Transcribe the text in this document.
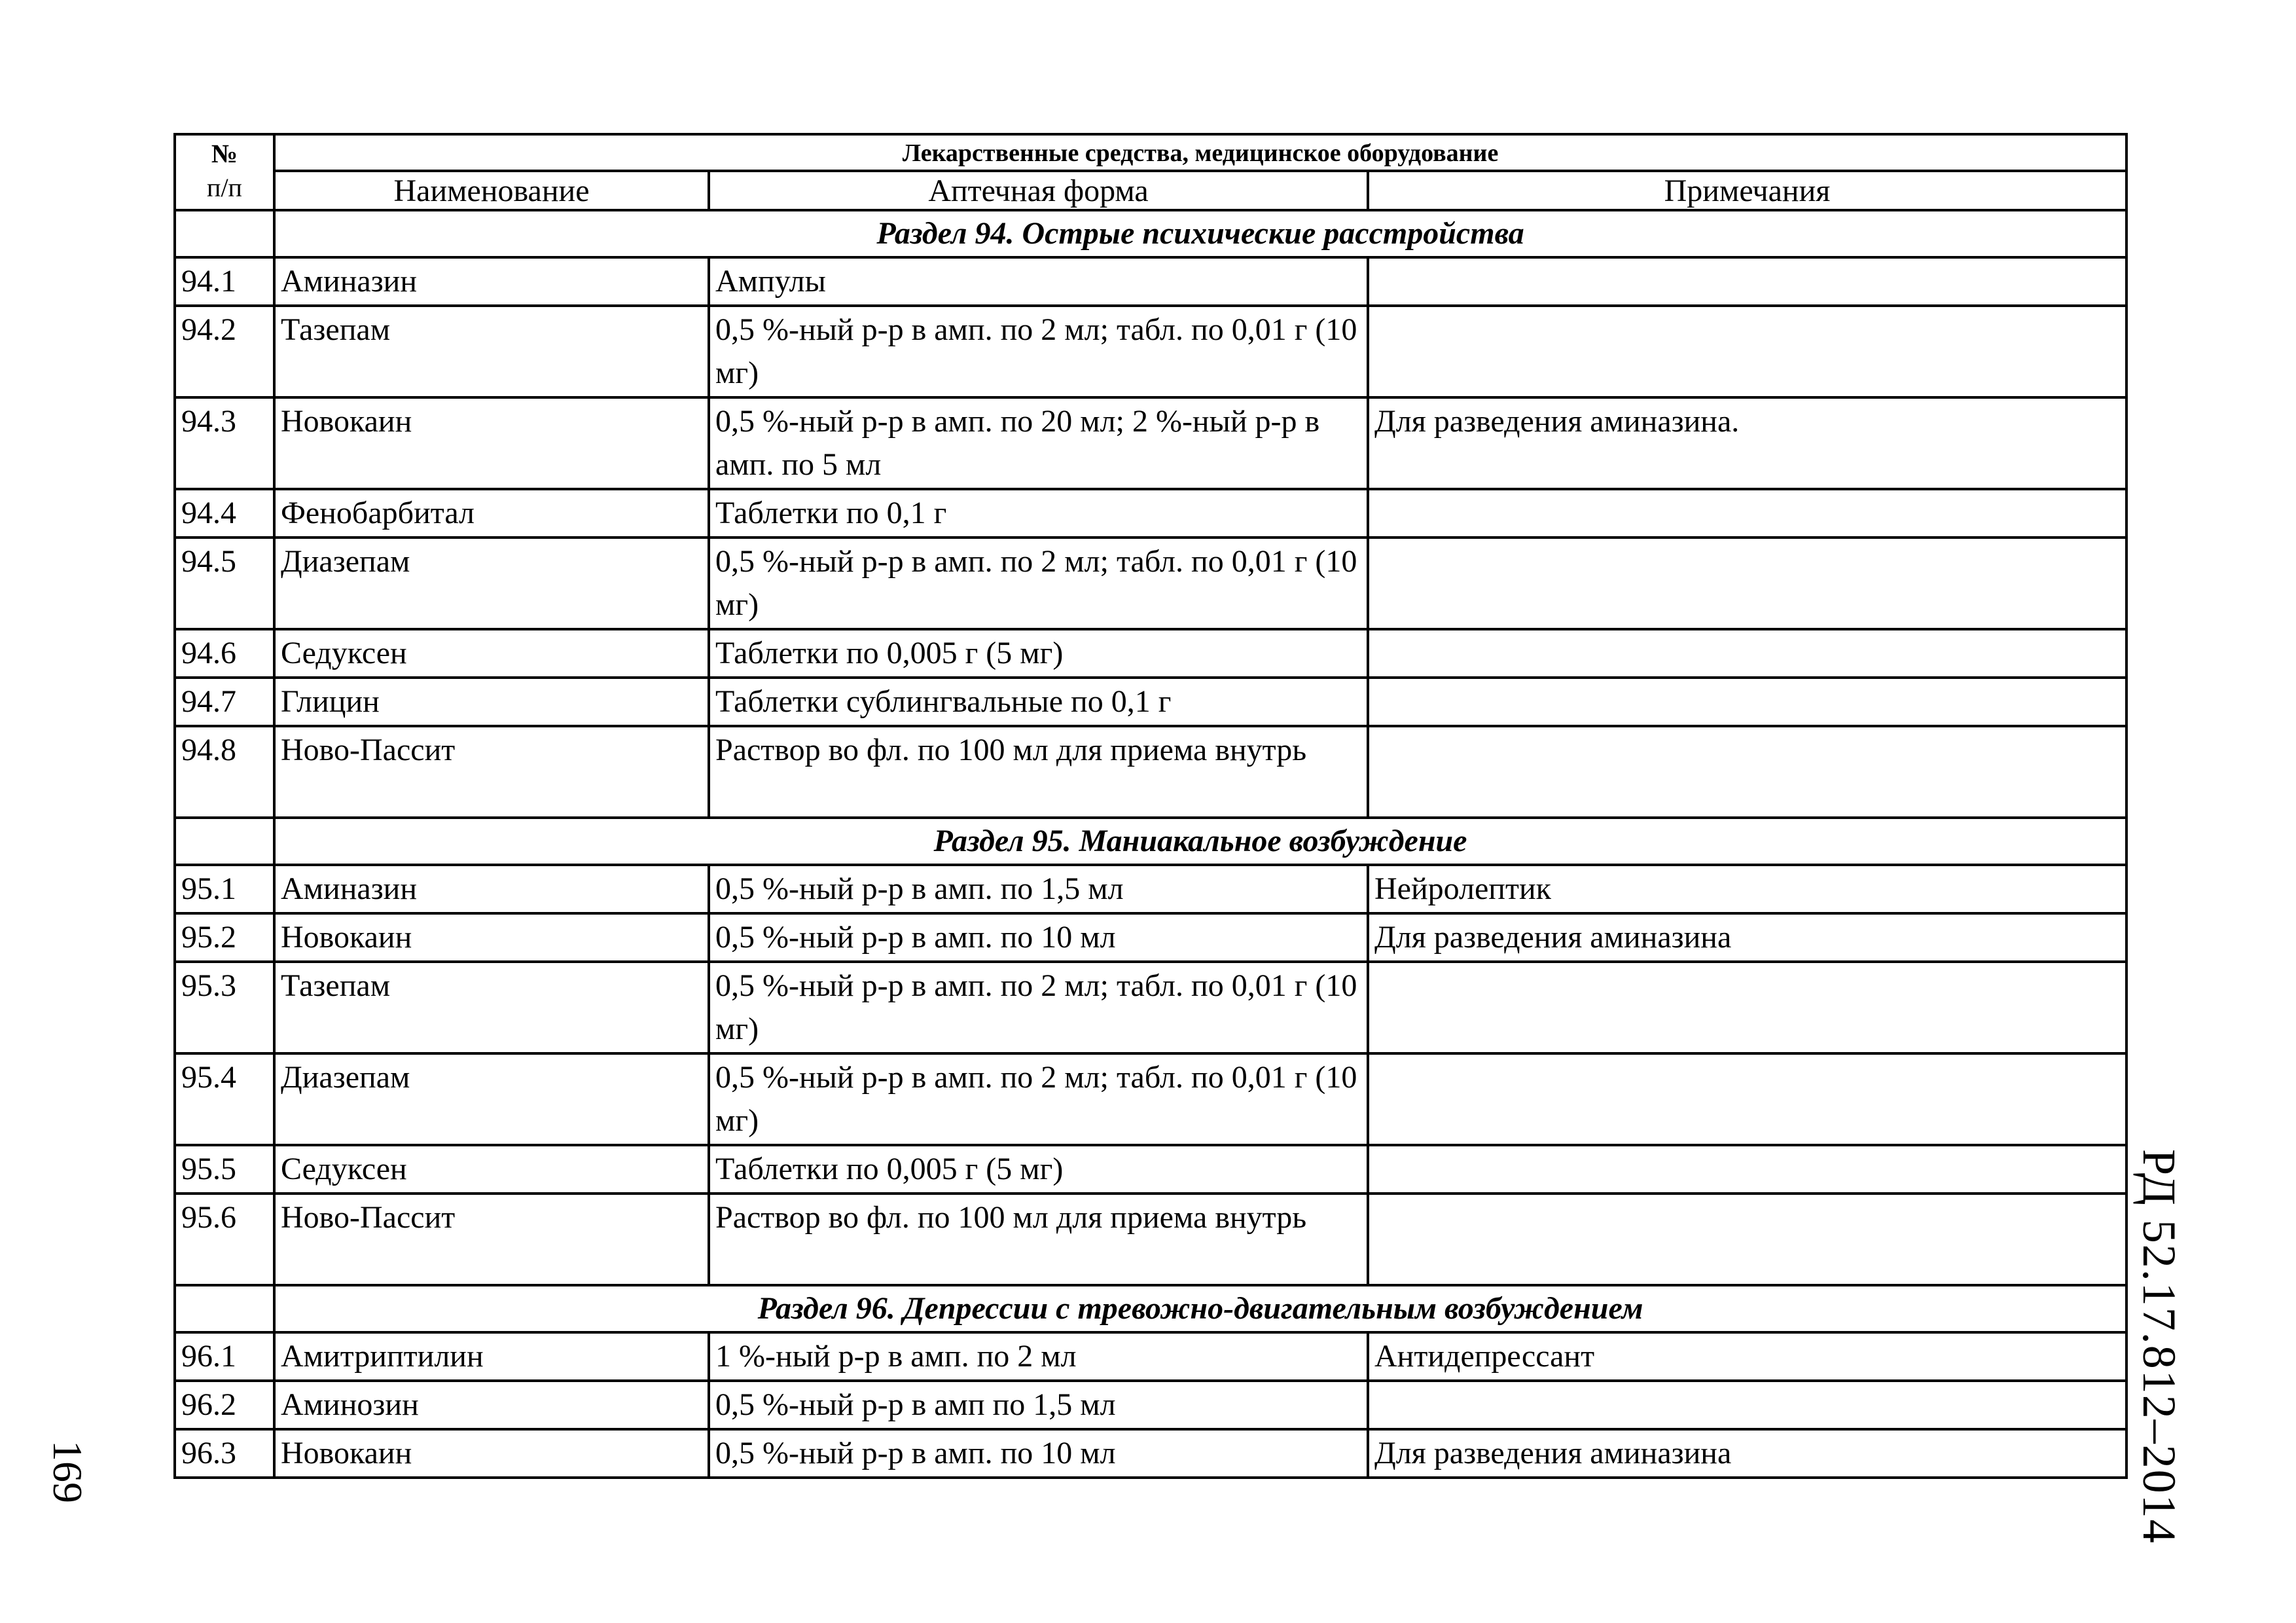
№
п/п	Лекарственные средства, медицинское оборудование		
	Наименование	Аптечная форма	Примечания
	Раздел 94. Острые психические расстройства		
94.1	Аминазин	Ампулы	
94.2	Тазепам	0,5 %-ный р-р в амп. по 2 мл; табл. по 0,01 г (10 мг)	
94.3	Новокаин	0,5 %-ный р-р в амп. по 20 мл; 2 %-ный р-р в амп. по 5 мл	Для разведения аминазина.
94.4	Фенобарбитал	Таблетки по 0,1 г	
94.5	Диазепам	0,5 %-ный р-р в амп. по 2 мл; табл. по 0,01 г (10 мг)	
94.6	Седуксен	Таблетки по 0,005 г (5 мг)	
94.7	Глицин	Таблетки сублингвальные по 0,1 г	
94.8	Ново-Пассит	Раствор во фл. по 100 мл для приема внутрь	
	Раздел 95. Маниакальное возбуждение		
95.1	Аминазин	0,5 %-ный р-р в амп. по 1,5 мл	Нейролептик
95.2	Новокаин	0,5 %-ный р-р в амп. по 10 мл	Для разведения аминазина
95.3	Тазепам	0,5 %-ный р-р в амп. по 2 мл; табл. по 0,01 г (10 мг)	
95.4	Диазепам	0,5 %-ный р-р в амп. по 2 мл; табл. по 0,01 г (10 мг)	
95.5	Седуксен	Таблетки по 0,005 г (5 мг)	
95.6	Ново-Пассит	Раствор во фл. по 100 мл для приема внутрь	
	Раздел 96. Депрессии с тревожно-двигательным возбуждением		
96.1	Амитриптилин	1 %-ный р-р в амп. по 2 мл	Антидепрессант
96.2	Аминозин	0,5 %-ный р-р в амп по 1,5 мл	
96.3	Новокаин	0,5 %-ный р-р в амп. по 10 мл	Для разведения аминазина	РД 52.17.812–2014
169
